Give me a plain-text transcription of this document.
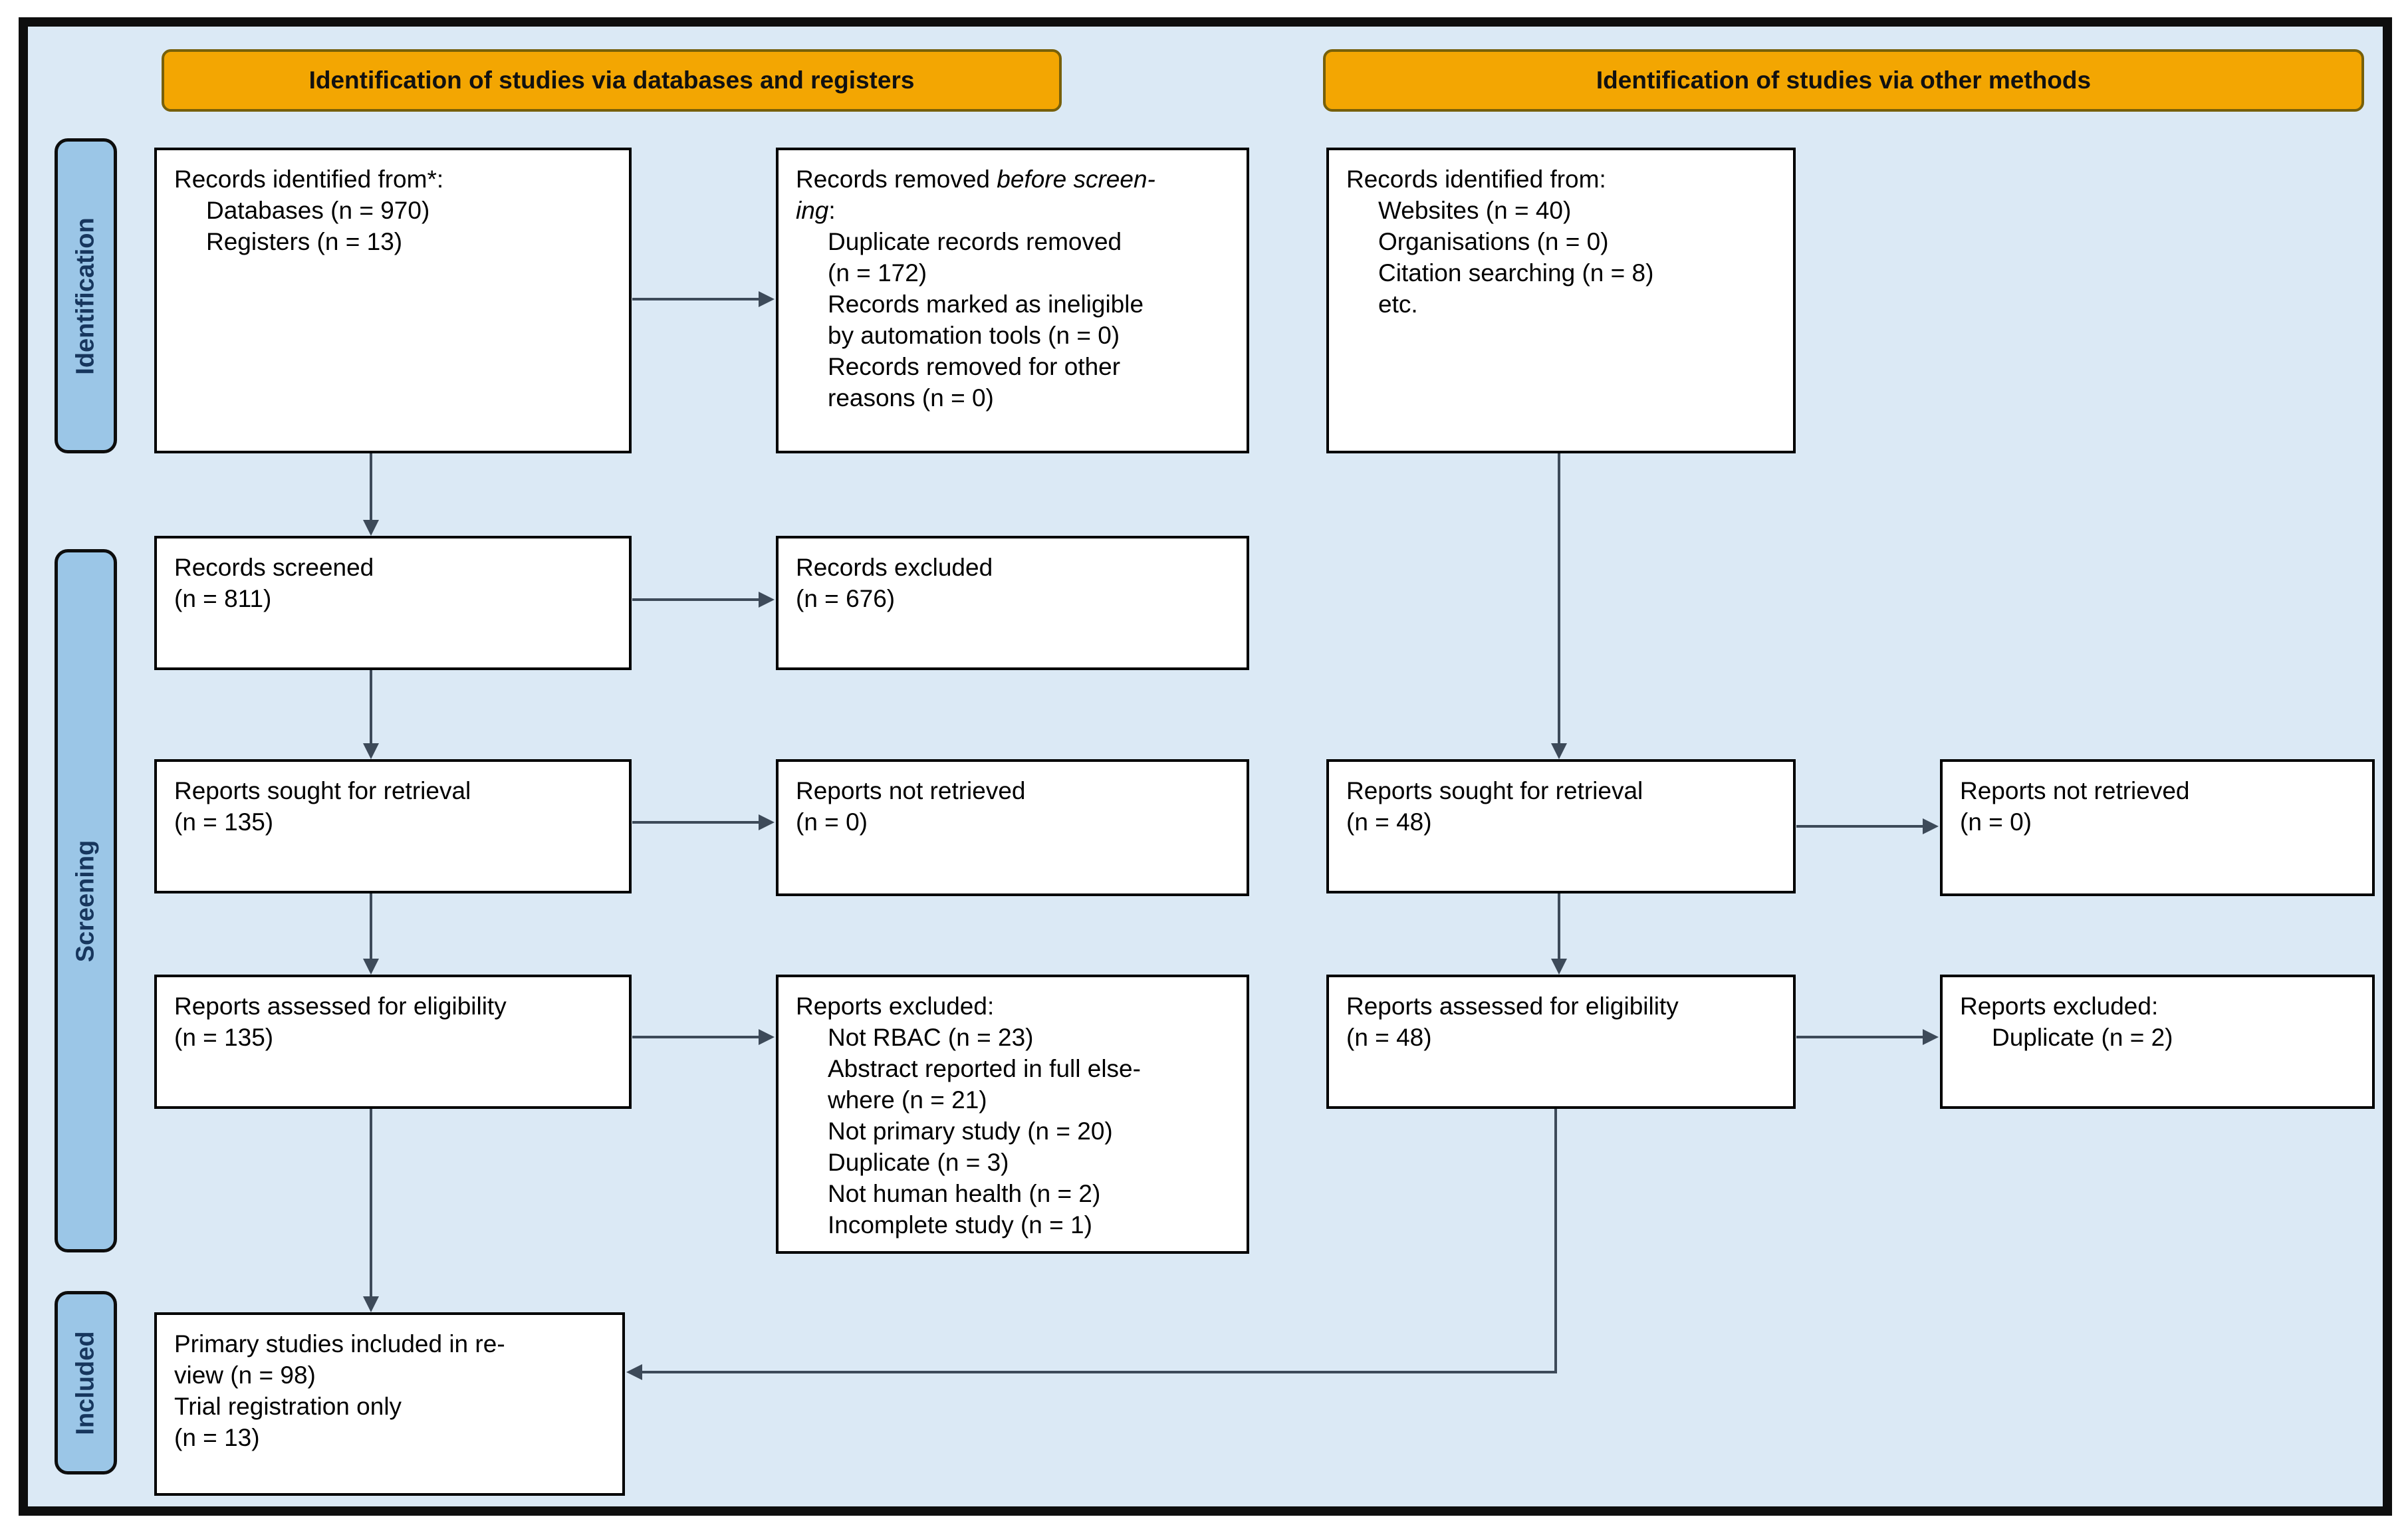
Identification of studies via databases and registers	Identification of studies via other methods
Identification
Screening
Included
Records identified from*:
Databases (n = 970)
Registers (n = 13)
Records removed before screen-
ing:
Duplicate records removed
(n = 172)
Records marked as ineligible
by automation tools (n = 0)
Records removed for other
reasons (n = 0)
Records identified from:
Websites (n = 40)
Organisations (n = 0)
Citation searching (n = 8)
etc.
Records screened
(n = 811)
Records excluded
(n = 676)
Reports sought for retrieval
(n = 135)
Reports not retrieved
(n = 0)
Reports sought for retrieval
(n = 48)
Reports not retrieved
(n = 0)
Reports assessed for eligibility
(n = 135)
Reports excluded:
Not RBAC (n = 23)
Abstract reported in full else-
where (n = 21)
Not primary study (n = 20)
Duplicate (n = 3)
Not human health (n = 2)
Incomplete study (n = 1)
Reports assessed for eligibility
(n = 48)
Reports excluded:
Duplicate (n = 2)
Primary studies included in re-
view (n = 98)
Trial registration only
(n = 13)
